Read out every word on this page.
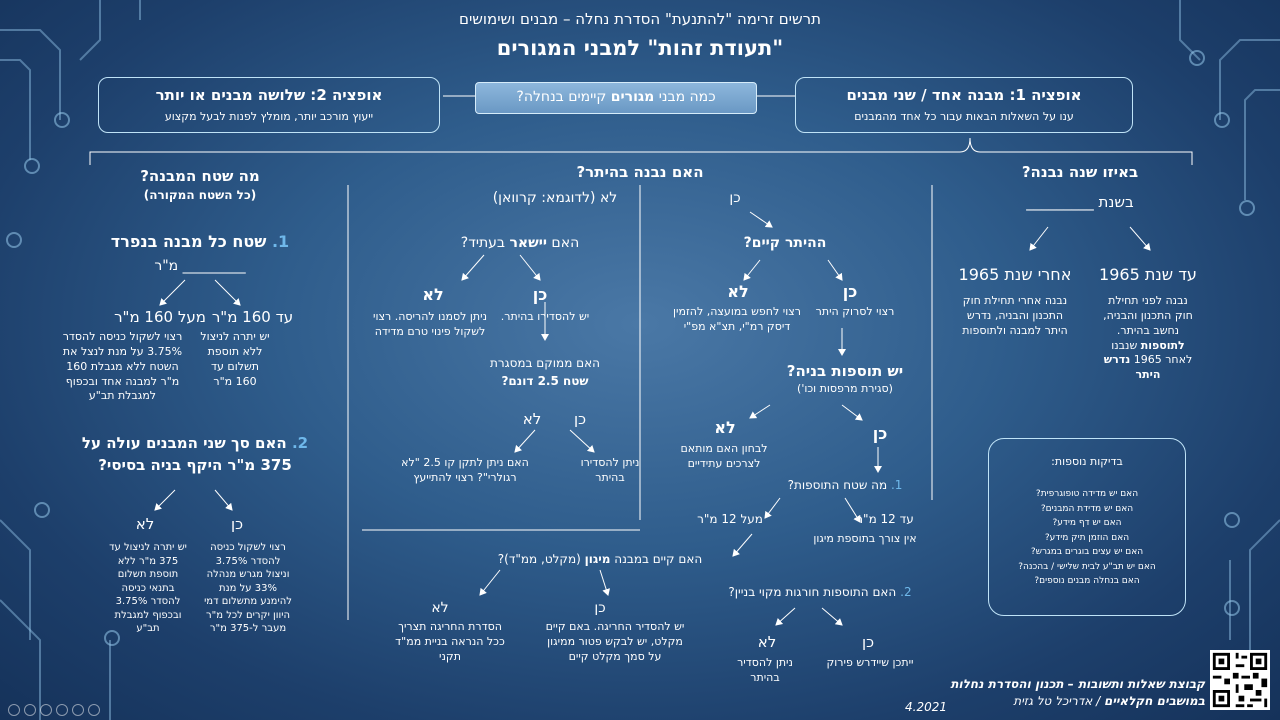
תרשים זרימה "להתנעת" הסדרת נחלה – מבנים ושימושים
"תעודת זהות" למבני המגורים
אופציה 2: שלושה מבנים או יותר
ייעוץ מורכב יותר, מומלץ לפנות לבעל מקצוע
כמה מבני מגורים קיימים בנחלה?	אופציה 1: מבנה אחד / שני מבנים
ענו על השאלות הבאות עבור כל אחד מהמבנים
באיזו שנה נבנה?
בשנת _________
עד שנת 1965
נבנה לפני תחילת חוק התכנון והבניה, נחשב בהיתר. לתוספות שנבנו לאחר 1965 נדרש היתר
אחרי שנת 1965
נבנה אחרי תחילת חוק התכנון והבניה, נדרש היתר למבנה ולתוספות
בדיקות נוספות:
האם יש מדידה טופוגרפית?
האם יש מדידת המבנים?
האם יש דף מידע?
האם הוזמן תיק מידע?
האם יש עצים בוגרים במגרש?
האם יש תב"ע לבית שלישי / בהכנה?
האם בנחלה מבנים נוספים?
האם נבנה בהיתר?
לא (לדוגמא: קרוואן)	כן
ההיתר קיים?
כן
לא
רצוי לסרוק היתר
רצוי לחפש במועצה, להזמין דיסק רמ"י, תצ"א מפ"י
יש תוספות בניה?
(סגירת מרפסות וכו')
לא	כן
לבחון האם מותאם לצרכים עתידיים
1. מה שטח התוספות?
עד 12 מ"ר
אין צורך בתוספת מיגון
מעל 12 מ"ר
האם קיים במבנה מיגון (מקלט, ממ"ד)?
כן
לא
יש להסדיר החריגה. באם קיים מקלט, יש לבקש פטור ממיגון על סמך מקלט קיים
הסדרת החריגה תצריך ככל הנראה בניית ממ"ד תקני
2. האם התוספות חורגות מקוי בניין?
כן
לא
ייתכן שיידרש פירוק
ניתן להסדיר בהיתר
האם יישאר בעתיד?
כן
לא
יש להסדירו בהיתר.
ניתן לסמנו להריסה. רצוי לשקול פינוי טרם מדידה
האם ממוקם במסגרת שטח 2.5 דונם?
כן
לא
ניתן להסדירו בהיתר
האם ניתן לתקן קו 2.5 "לא רגולרי"? רצוי להתייעץ
מה שטח המבנה?
(כל השטח המקורה)
1. שטח כל מבנה בנפרד
_________ מ"ר
עד 160 מ"ר
מעל 160 מ"ר
יש יתרה לניצול ללא תוספת תשלום עד 160 מ"ר
רצוי לשקול כניסה להסדר 3.75% על מנת לנצל את השטח ללא מגבלת 160 מ"ר למבנה אחד ובכפוף למגבלת תב"ע
2. האם סך שני המבנים עולה על 375 מ"ר היקף בניה בסיסי?
כן
לא
רצוי לשקול כניסה להסדר 3.75% וניצול מגרש מנהלה 33% על מנת להימנע מתשלום דמי היוון יקרים לכל מ"ר מעבר ל-375 מ"ר
יש יתרה לניצול עד 375 מ"ר ללא תוספת תשלום בתנאי כניסה להסדר 3.75% ובכפוף למגבלת תב"ע
קבוצת שאלות ותשובות – תכנון והסדרת נחלות
במושבים חקלאיים / אדריכל טל גזית
4.2021
